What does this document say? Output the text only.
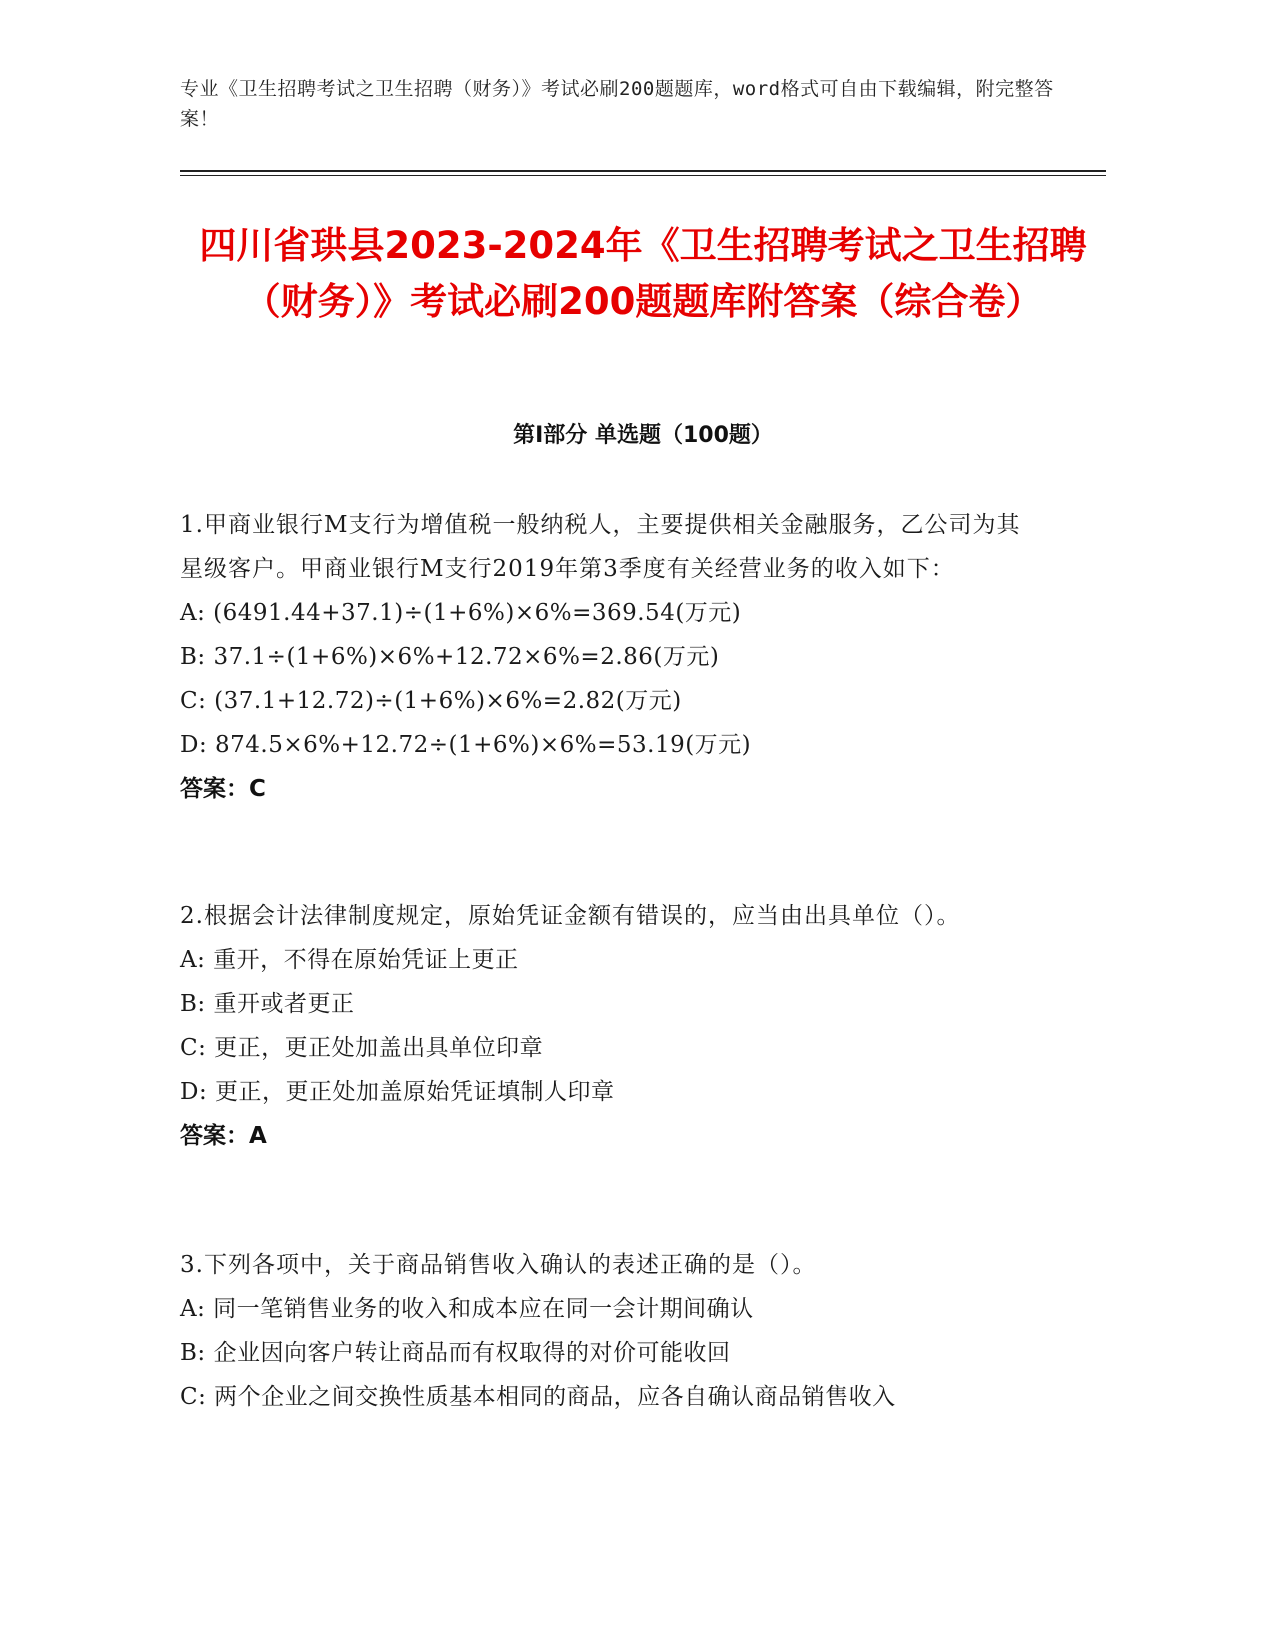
专业《卫生招聘考试之卫生招聘（财务）》考试必刷200题题库，word格式可自由下载编辑，附完整答案！
四川省珙县2023-2024年《卫生招聘考试之卫生招聘（财务）》考试必刷200题题库附答案（综合卷）
第Ⅰ部分 单选题（100题）

1.甲商业银行M支行为增值税一般纳税人，主要提供相关金融服务，乙公司为其星级客户。甲商业银行M支行2019年第3季度有关经营业务的收入如下：

A: (6491.44+37.1)÷(1+6%)×6%=369.54(万元)

B: 37.1÷(1+6%)×6%+12.72×6%=2.86(万元)

C: (37.1+12.72)÷(1+6%)×6%=2.82(万元)

D: 874.5×6%+12.72÷(1+6%)×6%=53.19(万元)

答案：C

2.根据会计法律制度规定，原始凭证金额有错误的，应当由出具单位（）。

A: 重开，不得在原始凭证上更正

B: 重开或者更正

C: 更正，更正处加盖出具单位印章

D: 更正，更正处加盖原始凭证填制人印章

答案：A

3.下列各项中，关于商品销售收入确认的表述正确的是（）。

A: 同一笔销售业务的收入和成本应在同一会计期间确认

B: 企业因向客户转让商品而有权取得的对价可能收回

C: 两个企业之间交换性质基本相同的商品，应各自确认商品销售收入
